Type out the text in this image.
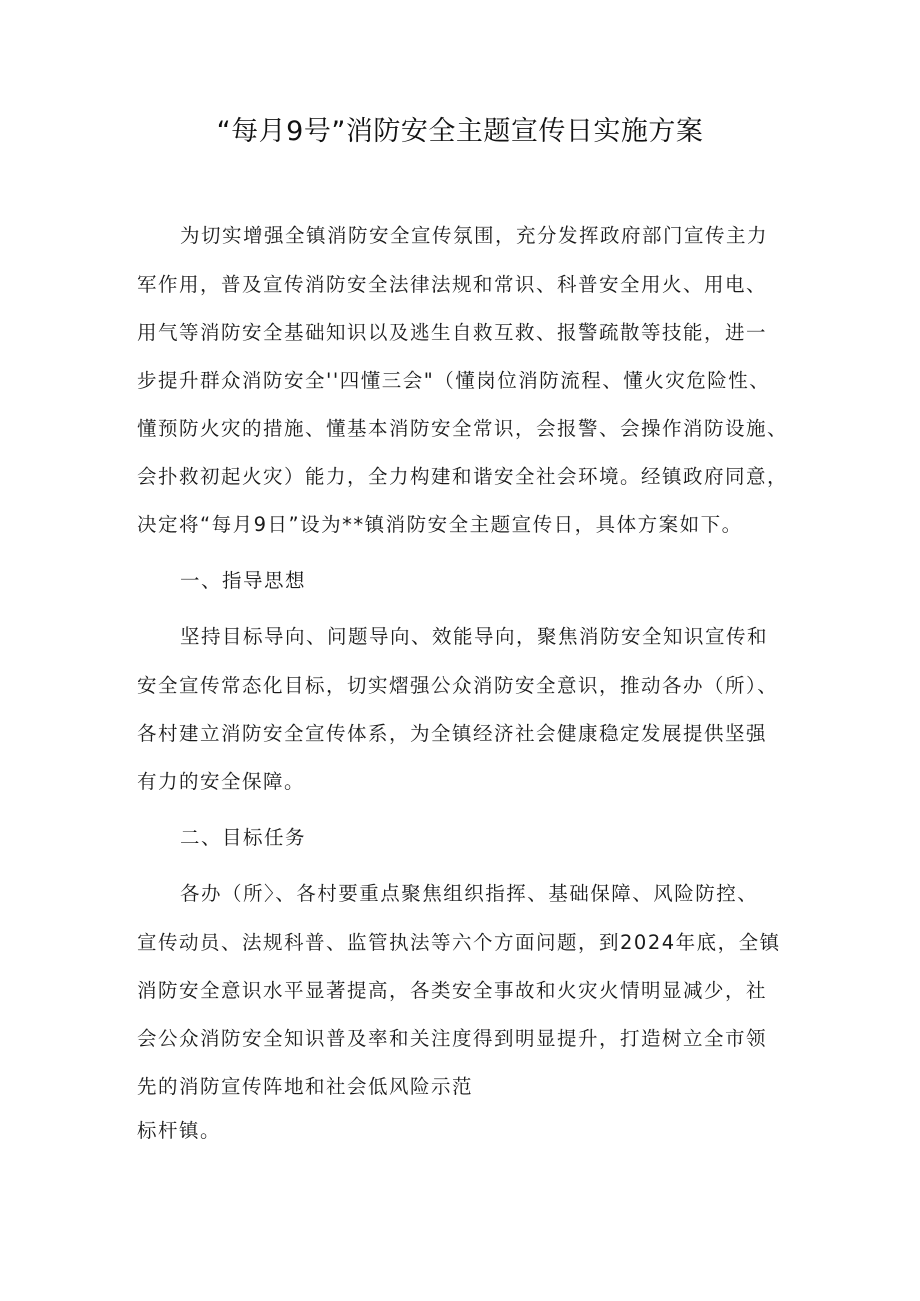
“每月9号”消防安全主题宣传日实施方案
为切实增强全镇消防安全宣传氛围，充分发挥政府部门宣传主力
军作用，普及宣传消防安全法律法规和常识、科普安全用火、用电、
用气等消防安全基础知识以及逃生自救互救、报警疏散等技能，进一
步提升群众消防安全''四懂三会"（懂岗位消防流程、懂火灾危险性、
懂预防火灾的措施、懂基本消防安全常识，会报警、会操作消防设施、
会扑救初起火灾）能力，全力构建和谐安全社会环境。经镇政府同意，
决定将“每月9日”设为**镇消防安全主题宣传日，具体方案如下。
一、指导思想
坚持目标导向、问题导向、效能导向，聚焦消防安全知识宣传和
安全宣传常态化目标，切实熠强公众消防安全意识，推动各办（所）、
各村建立消防安全宣传体系，为全镇经济社会健康稳定发展提供坚强
有力的安全保障。
二、目标任务
各办（所〉、各村要重点聚焦组织指挥、基础保障、风险防控、
宣传动员、法规科普、监管执法等六个方面问题，到2024年底，全镇
消防安全意识水平显著提高，各类安全事故和火灾火情明显减少，社
会公众消防安全知识普及率和关注度得到明显提升，打造树立全市领
先的消防宣传阵地和社会低风险示范
标杆镇。
